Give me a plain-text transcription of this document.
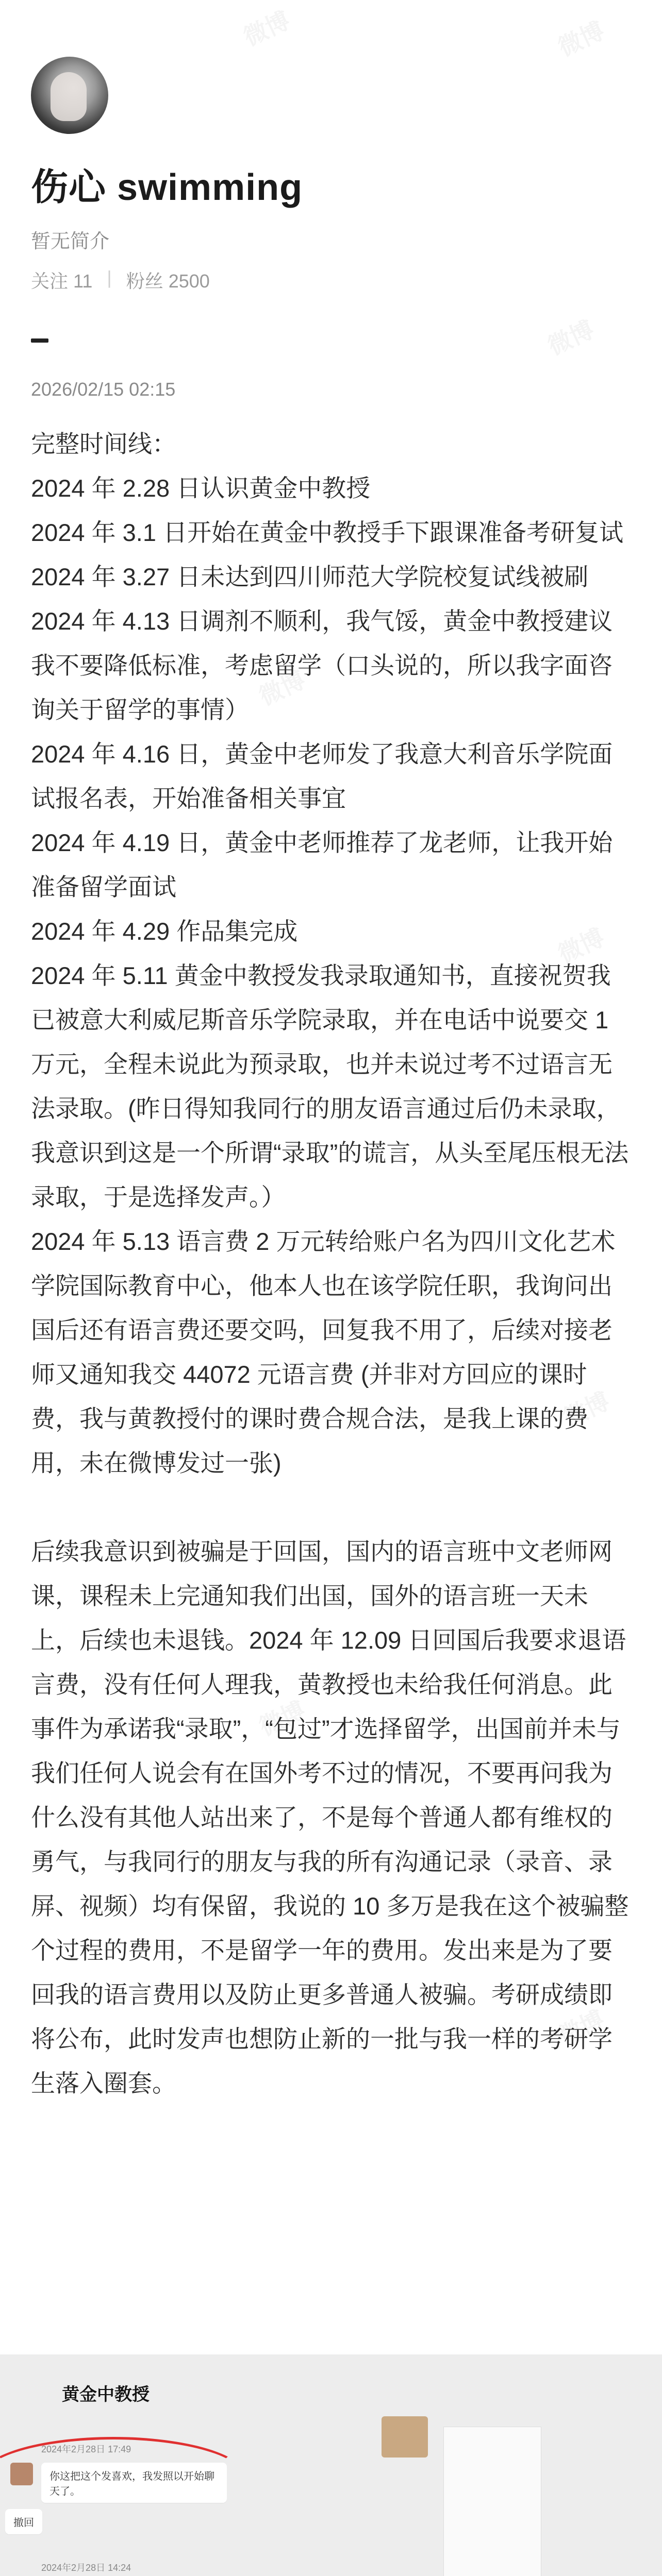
伤心 swimming
暂无简介
关注 11 | 粉丝 2500
2026/02/15 02:15

完整时间线：

2024 年 2.28 日认识黄金中教授

2024 年 3.1 日开始在黄金中教授手下跟课准备考研复试

2024 年 3.27 日未达到四川师范大学院校复试线被刷

2024 年 4.13 日调剂不顺利，我气馁，黄金中教授建议我不要降低标准，考虑留学（口头说的，所以我字面咨询关于留学的事情）

2024 年 4.16 日，黄金中老师发了我意大利音乐学院面试报名表，开始准备相关事宜

2024 年 4.19 日，黄金中老师推荐了龙老师，让我开始准备留学面试

2024 年 4.29 作品集完成

2024 年 5.11 黄金中教授发我录取通知书，直接祝贺我已被意大利威尼斯音乐学院录取，并在电话中说要交 1 万元，全程未说此为预录取，也并未说过考不过语言无法录取。(昨日得知我同行的朋友语言通过后仍未录取，我意识到这是一个所谓“录取”的谎言，从头至尾压根无法录取，于是选择发声。）

2024 年 5.13 语言费 2 万元转给账户名为四川文化艺术学院国际教育中心，他本人也在该学院任职，我询问出国后还有语言费还要交吗，回复我不用了，后续对接老师又通知我交 44072 元语言费 (并非对方回应的课时费，我与黄教授付的课时费合规合法，是我上课的费用，未在微博发过一张)

后续我意识到被骗是于回国，国内的语言班中文老师网课，课程未上完通知我们出国，国外的语言班一天未上，后续也未退钱。2024 年 12.09 日回国后我要求退语言费，没有任何人理我，黄教授也未给我任何消息。此事件为承诺我“录取”，“包过”才选择留学，出国前并未与我们任何人说会有在国外考不过的情况，不要再问我为什么没有其他人站出来了，不是每个普通人都有维权的勇气，与我同行的朋友与我的所有沟通记录（录音、录屏、视频）均有保留，我说的 10 多万是我在这个被骗整个过程的费用，不是留学一年的费用。发出来是为了要回我的语言费用以及防止更多普通人被骗。考研成绩即将公布，此时发声也想防止新的一批与我一样的考研学生落入圈套。

黄金中教授
2024年2月28日 17:49
你这把这个发喜欢，我发照以开始聊天了。
撤回
2024年2月28日 14:24
